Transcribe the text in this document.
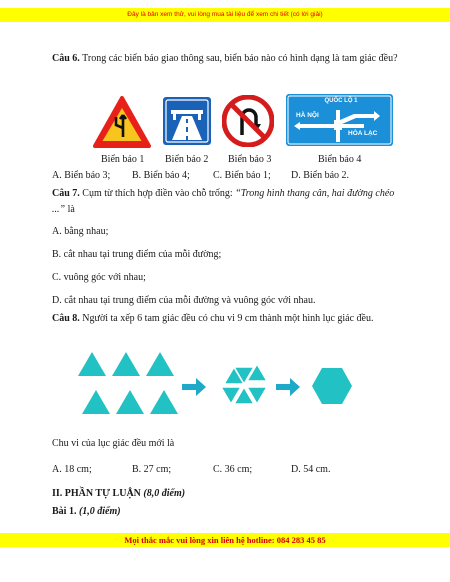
Đây là bản xem thử, vui lòng mua tài liệu để xem chi tiết (có lời giải)
Câu 6. Trong các biển báo giao thông sau, biển báo nào có hình dạng là tam giác đều?
QUỐC LỘ 1
HÀ NỘI
HÒA LẠC
Biển báo 1 Biển báo 2 Biển báo 3	Biển báo 4
A. Biển báo 3; B. Biển báo 4; C. Biển báo 1; D. Biển báo 2.
Câu 7. Cụm từ thích hợp điền vào chỗ trống: “Trong hình thang cân, hai đường chéo ...” là
A. bằng nhau;
B. cắt nhau tại trung điểm của mỗi đường;
C. vuông góc với nhau;
D. cắt nhau tại trung điểm của mỗi đường và vuông góc với nhau.
Câu 8. Người ta xếp 6 tam giác đều có chu vi 9 cm thành một hình lục giác đều.
Chu vi của lục giác đều mới là
A. 18 cm;	B. 27 cm;	C. 36 cm;	D. 54 cm.
II. PHẦN TỰ LUẬN (8,0 điểm)
Bài 1. (1,0 điểm)
Mọi thắc mắc vui lòng xin liên hệ hotline: 084 283 45 85
